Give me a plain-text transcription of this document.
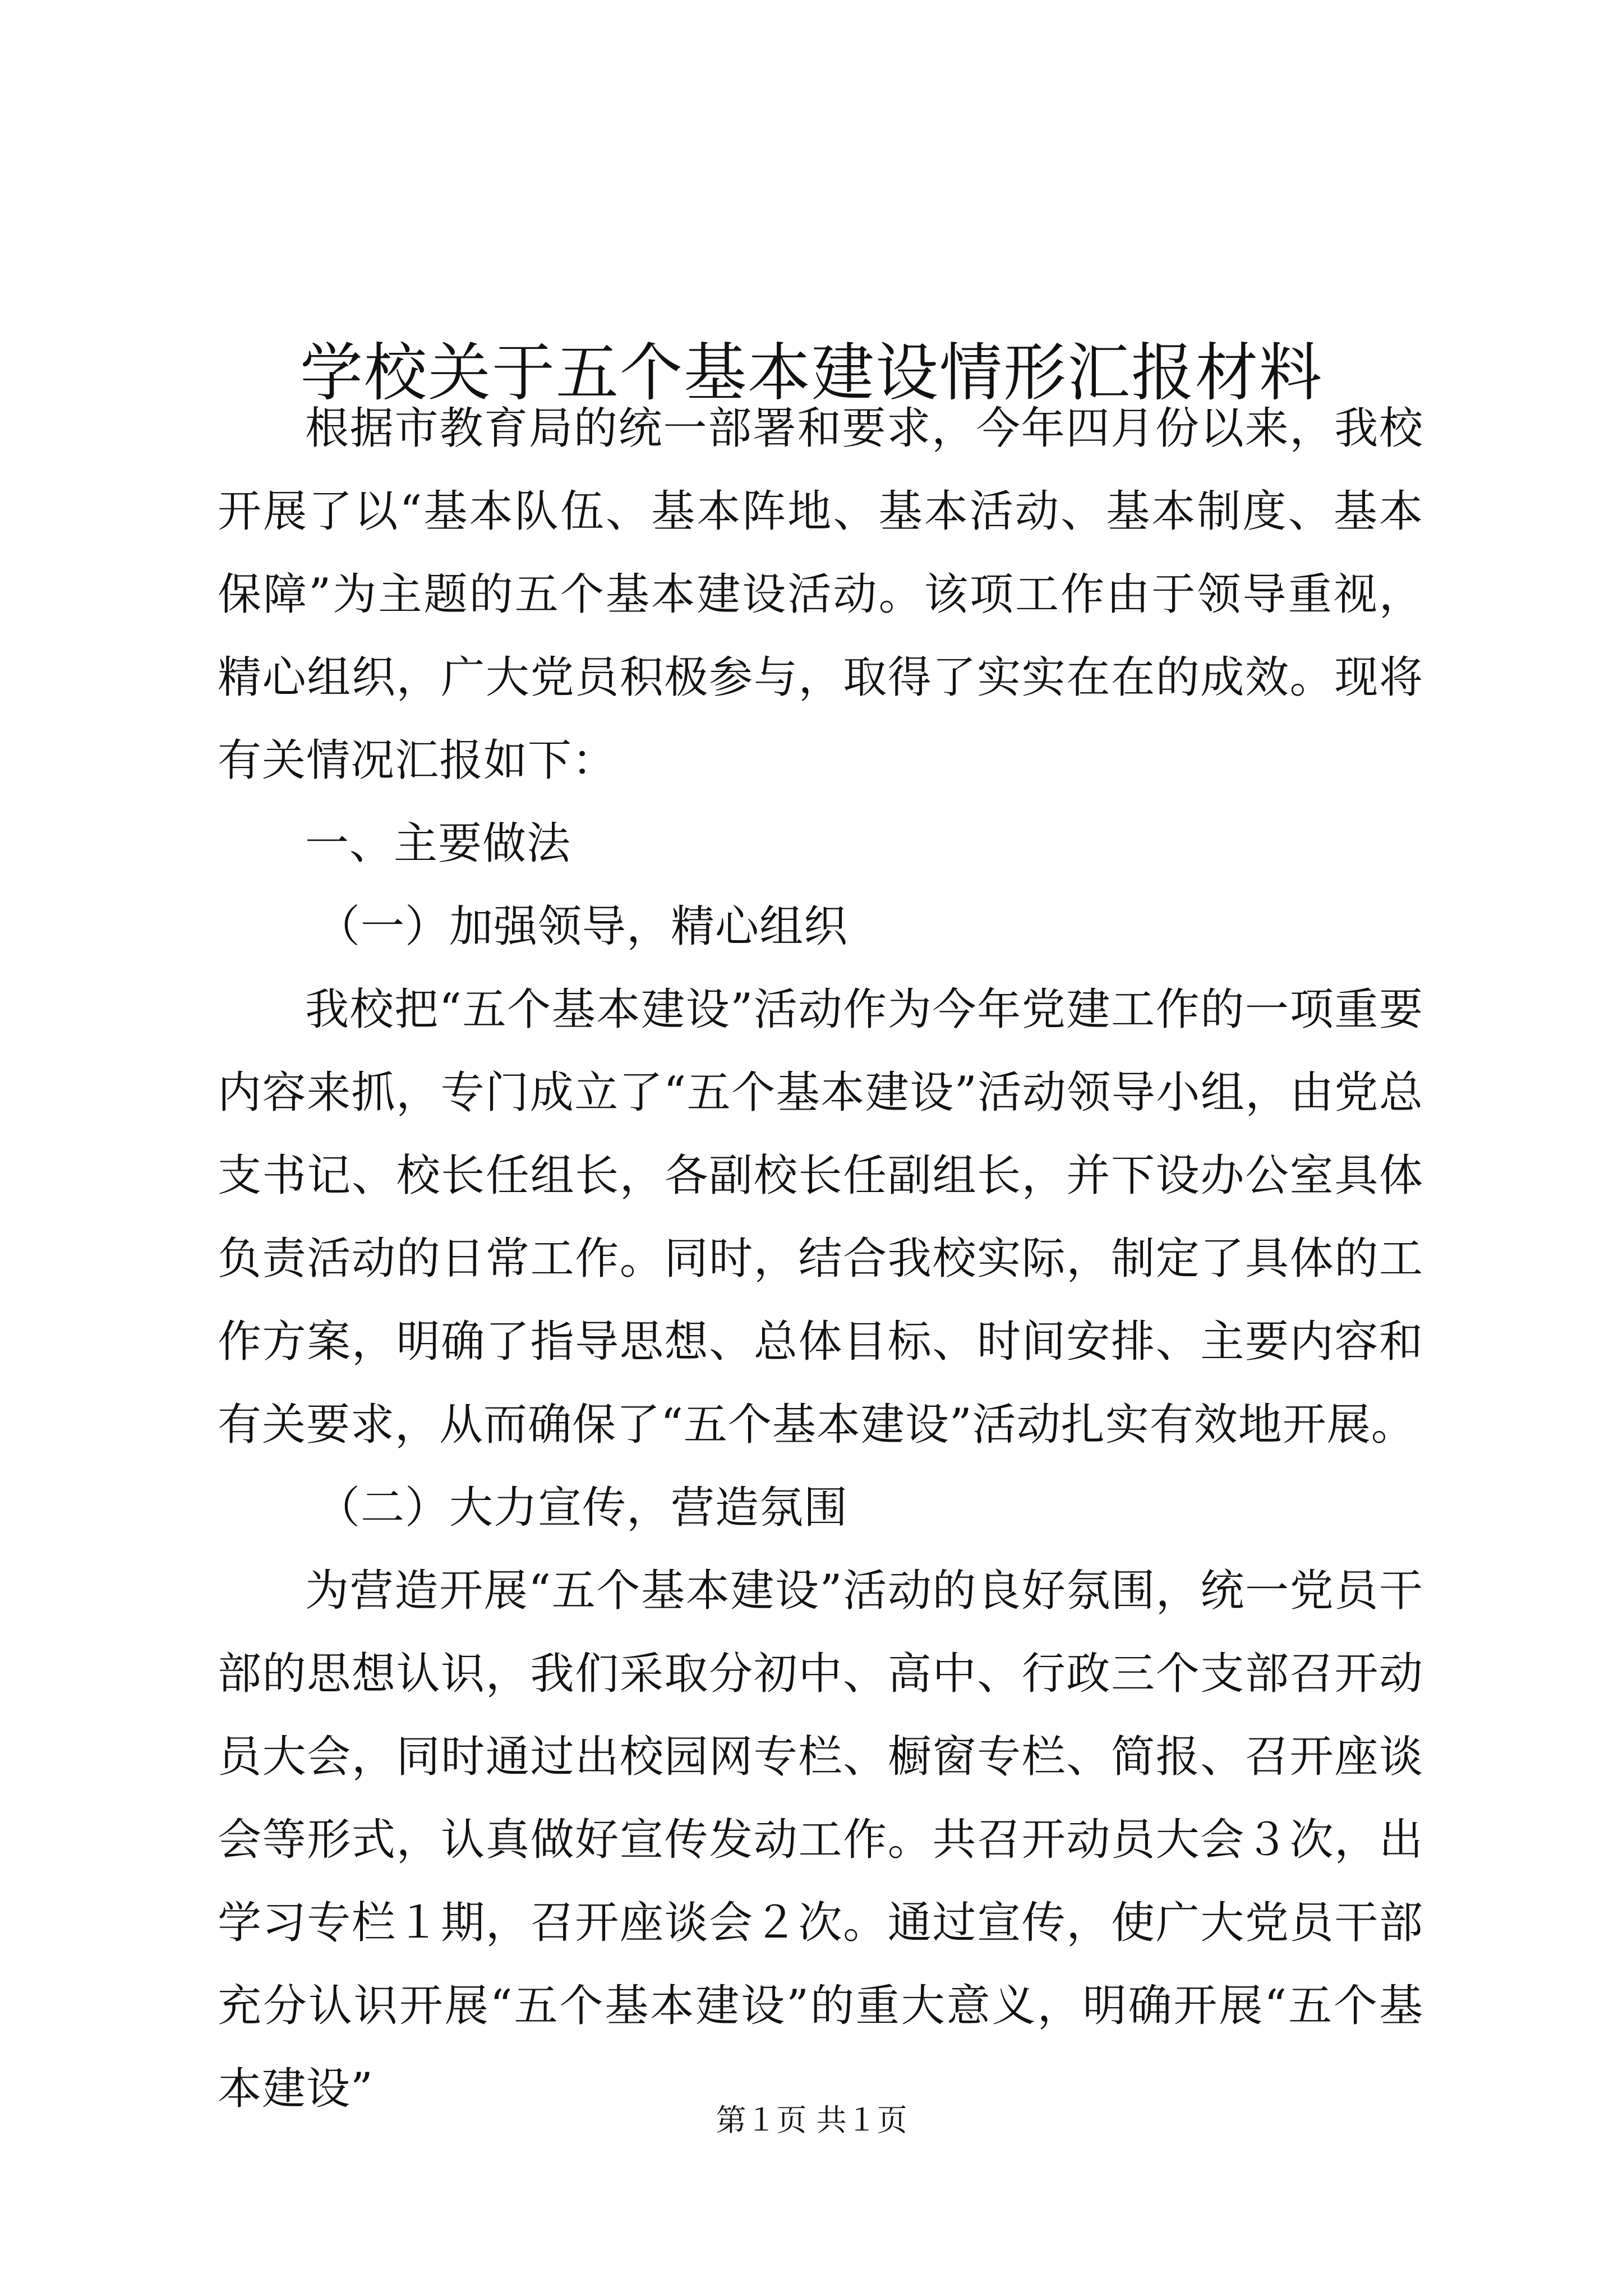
学校关于五个基本建设情形汇报材料

根据市教育局的统一部署和要求，今年四月份以来，我校开展了以“基本队伍、基本阵地、基本活动、基本制度、基本保障”为主题的五个基本建设活动。该项工作由于领导重视，精心组织，广大党员积极参与，取得了实实在在的成效。现将有关情况汇报如下：

一、主要做法

（一）加强领导，精心组织

我校把“五个基本建设”活动作为今年党建工作的一项重要内容来抓，专门成立了“五个基本建设”活动领导小组，由党总支书记、校长任组长，各副校长任副组长，并下设办公室具体负责活动的日常工作。同时，结合我校实际，制定了具体的工作方案，明确了指导思想、总体目标、时间安排、主要内容和有关要求，从而确保了“五个基本建设”活动扎实有效地开展。

（二）大力宣传，营造氛围

为营造开展“五个基本建设”活动的良好氛围，统一党员干部的思想认识，我们采取分初中、高中、行政三个支部召开动员大会，同时通过出校园网专栏、橱窗专栏、简报、召开座谈会等形式，认真做好宣传发动工作。共召开动员大会３次，出学习专栏１期，召开座谈会２次。通过宣传，使广大党员干部充分认识开展“五个基本建设”的重大意义，明确开展“五个基本建设”

第１页 共１页
